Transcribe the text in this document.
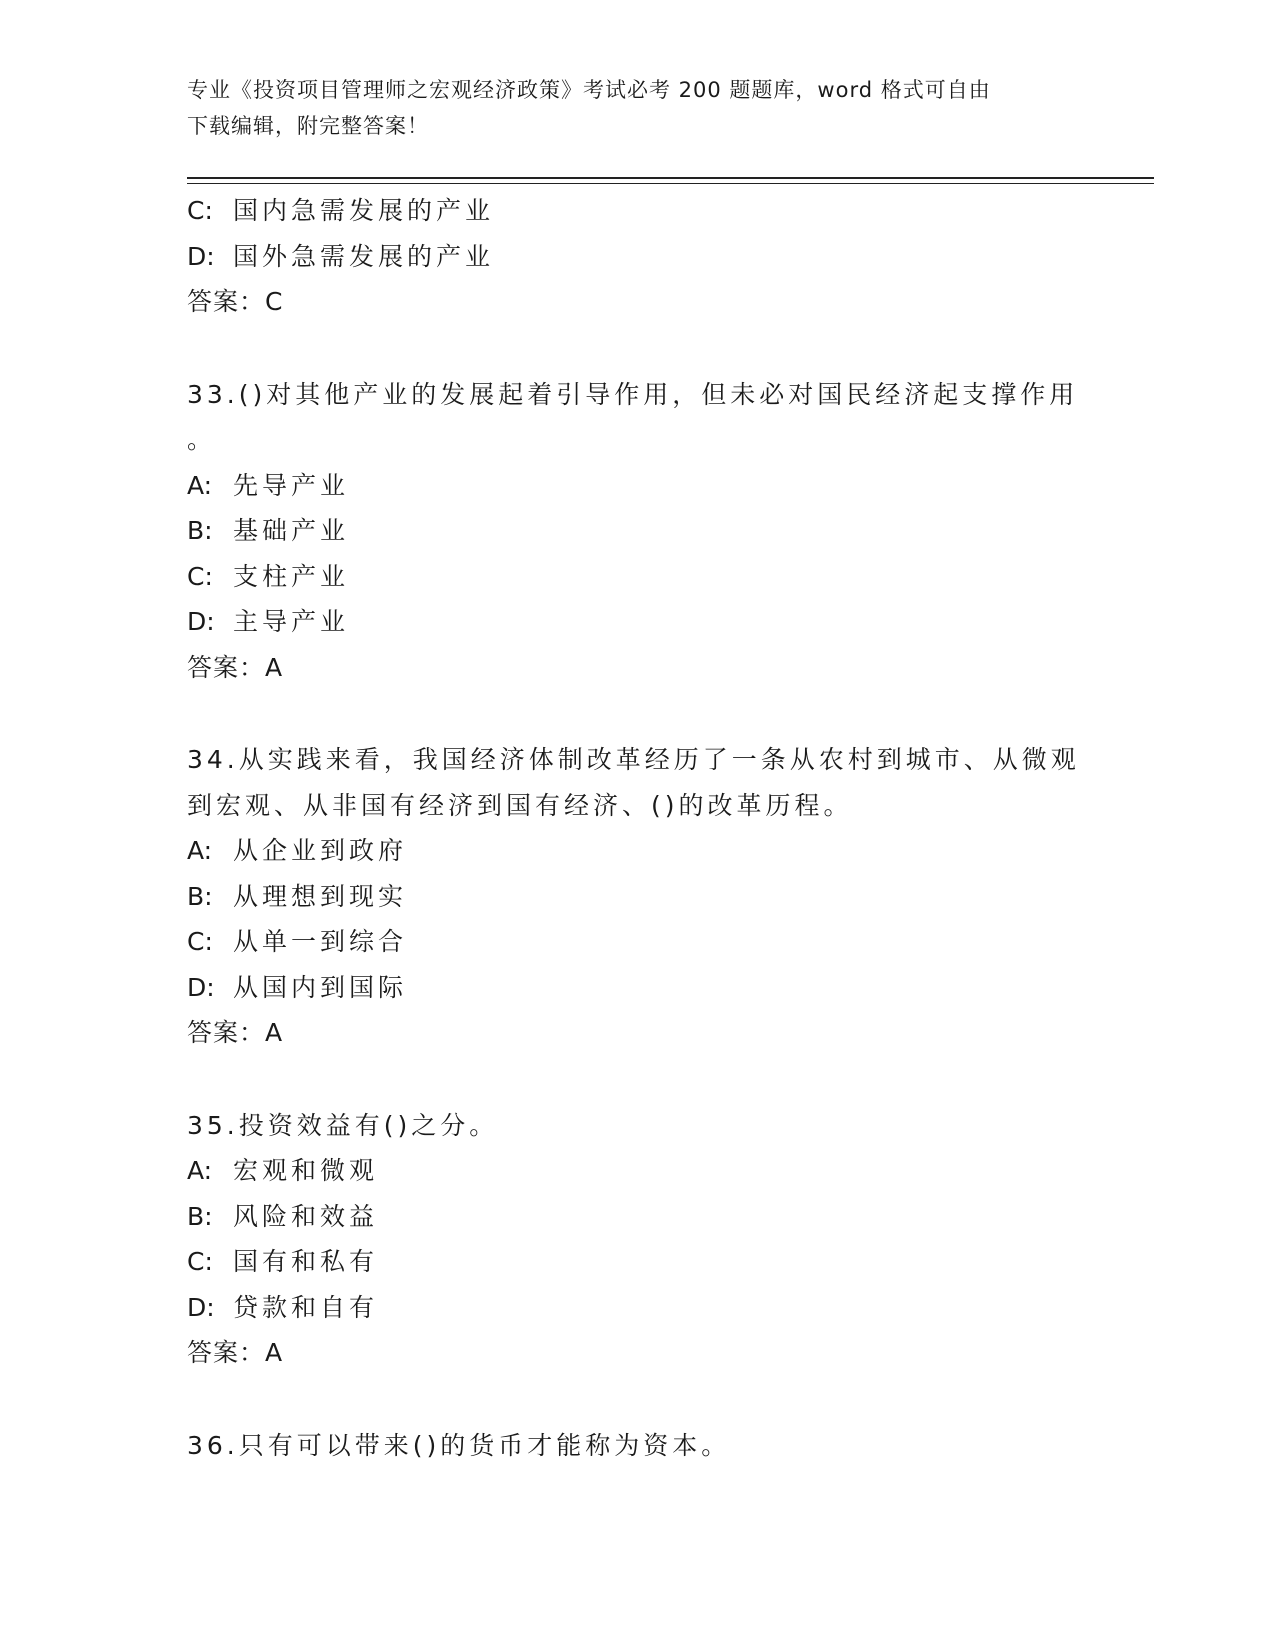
专业《投资项目管理师之宏观经济政策》考试必考 200 题题库，word 格式可自由
下载编辑，附完整答案！
C: 国内急需发展的产业
D: 国外急需发展的产业
答案：C
33.()对其他产业的发展起着引导作用，但未必对国民经济起支撑作用
。
A: 先导产业
B: 基础产业
C: 支柱产业
D: 主导产业
答案：A
34.从实践来看，我国经济体制改革经历了一条从农村到城市、从微观
到宏观、从非国有经济到国有经济、()的改革历程。
A: 从企业到政府
B: 从理想到现实
C: 从单一到综合
D: 从国内到国际
答案：A
35.投资效益有()之分。
A: 宏观和微观
B: 风险和效益
C: 国有和私有
D: 贷款和自有
答案：A
36.只有可以带来()的货币才能称为资本。
